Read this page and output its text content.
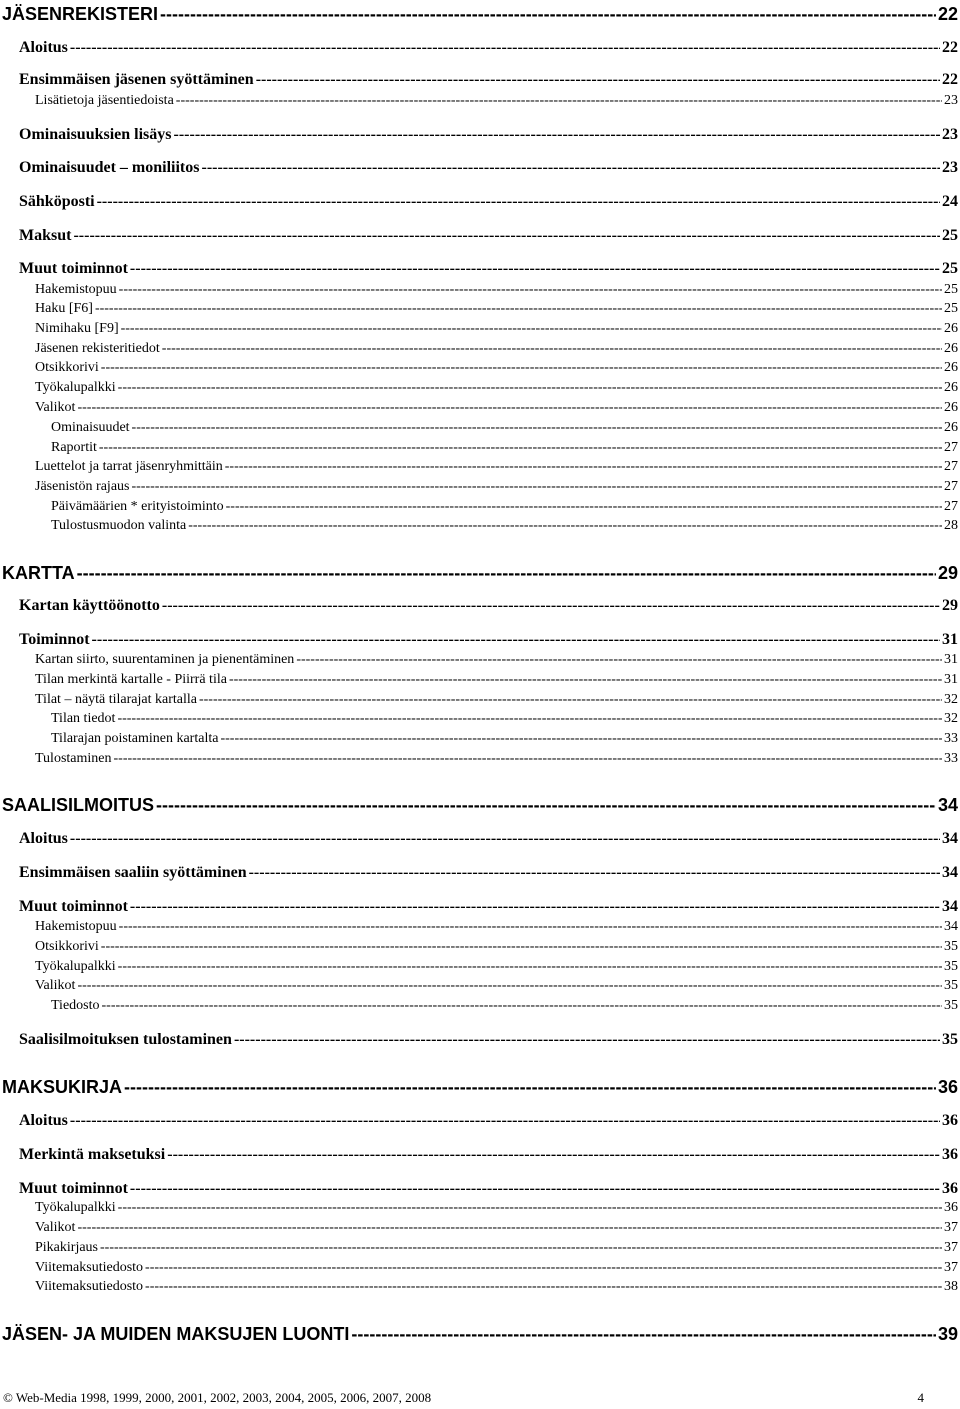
JÄSENREKISTERI -----	22
Aloitus -----	22
Ensimmäisen jäsenen syöttäminen -----	22
Lisätietoja jäsentiedoista -----	23
Ominaisuuksien lisäys -----	23
Ominaisuudet – moniliitos -----	23
Sähköposti -----	24
Maksut -----	25
Muut toiminnot -----	25
Hakemistopuu -----	25
Haku [F6] -----	25
Nimihaku [F9] -----	26
Jäsenen rekisteritiedot -----	26
Otsikkorivi -----	26
Työkalupalkki -----	26
Valikot -----	26
Ominaisuudet -----	26
Raportit -----	27
Luettelot ja tarrat jäsenryhmittäin -----	27
Jäsenistön rajaus -----	27
Päivämäärien * erityistoiminto -----	27
Tulostusmuodon valinta -----	28
KARTTA -----	29
Kartan käyttöönotto -----	29
Toiminnot -----	31
Kartan siirto, suurentaminen ja pienentäminen -----	31
Tilan merkintä kartalle - Piirrä tila -----	31
Tilat – näytä tilarajat kartalla -----	32
Tilan tiedot -----	32
Tilarajan poistaminen kartalta -----	33
Tulostaminen -----	33
SAALISILMOITUS -----	34
Aloitus -----	34
Ensimmäisen saaliin syöttäminen -----	34
Muut toiminnot -----	34
Hakemistopuu -----	34
Otsikkorivi -----	35
Työkalupalkki -----	35
Valikot -----	35
Tiedosto -----	35
Saalisilmoituksen tulostaminen -----	35
MAKSUKIRJA -----	36
Aloitus -----	36
Merkintä maksetuksi -----	36
Muut toiminnot -----	36
Työkalupalkki -----	36
Valikot -----	37
Pikakirjaus -----	37
Viitemaksutiedosto -----	37
Viitemaksutiedosto -----	38
JÄSEN- JA MUIDEN MAKSUJEN LUONTI -----	39
© Web-Media 1998, 1999, 2000, 2001, 2002, 2003, 2004, 2005, 2006, 2007, 2008	4
